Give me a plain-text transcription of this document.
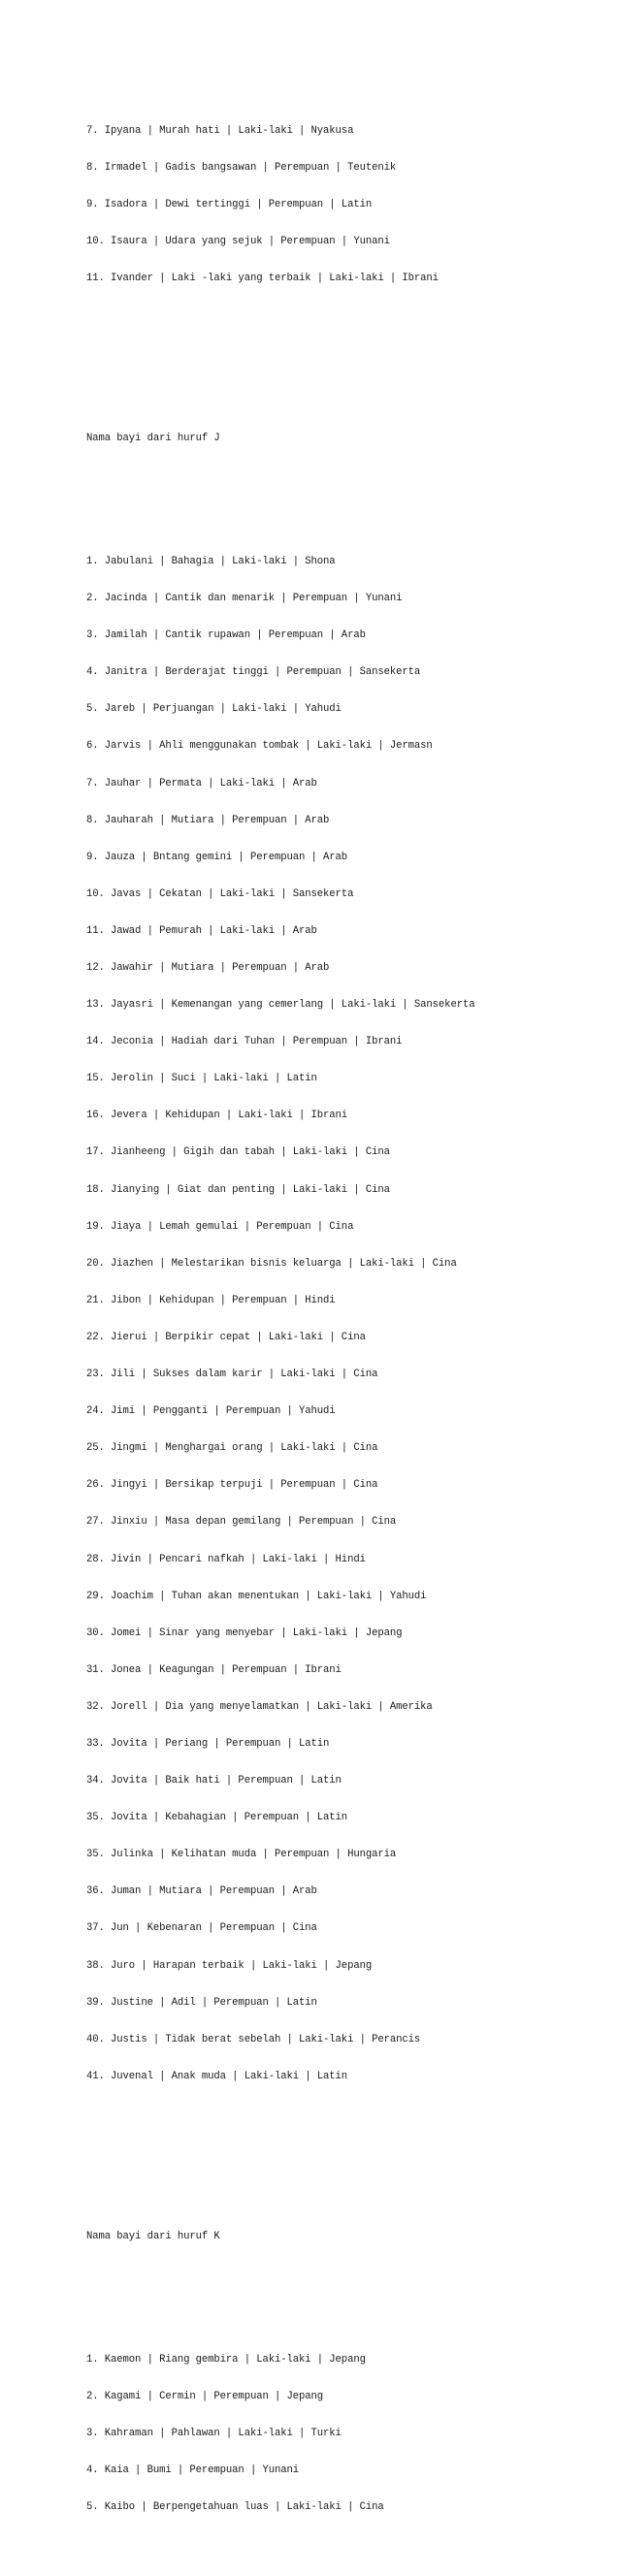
7. Ipyana | Murah hati | Laki-laki | Nyakusa

8. Irmadel | Gadis bangsawan | Perempuan | Teutenik

9. Isadora | Dewi tertinggi | Perempuan | Latin

10. Isaura | Udara yang sejuk | Perempuan | Yunani

11. Ivander | Laki -laki yang terbaik | Laki-laki | Ibrani

Nama bayi dari huruf J

1. Jabulani | Bahagia | Laki-laki | Shona

2. Jacinda | Cantik dan menarik | Perempuan | Yunani

3. Jamilah | Cantik rupawan | Perempuan | Arab

4. Janitra | Berderajat tinggi | Perempuan | Sansekerta

5. Jareb | Perjuangan | Laki-laki | Yahudi

6. Jarvis | Ahli menggunakan tombak | Laki-laki | Jermasn

7. Jauhar | Permata | Laki-laki | Arab

8. Jauharah | Mutiara | Perempuan | Arab

9. Jauza | Bntang gemini | Perempuan | Arab

10. Javas | Cekatan | Laki-laki | Sansekerta

11. Jawad | Pemurah | Laki-laki | Arab

12. Jawahir | Mutiara | Perempuan | Arab

13. Jayasri | Kemenangan yang cemerlang | Laki-laki | Sansekerta

14. Jeconia | Hadiah dari Tuhan | Perempuan | Ibrani

15. Jerolin | Suci | Laki-laki | Latin

16. Jevera | Kehidupan | Laki-laki | Ibrani

17. Jianheeng | Gigih dan tabah | Laki-laki | Cina

18. Jianying | Giat dan penting | Laki-laki | Cina

19. Jiaya | Lemah gemulai | Perempuan | Cina

20. Jiazhen | Melestarikan bisnis keluarga | Laki-laki | Cina

21. Jibon | Kehidupan | Perempuan | Hindi

22. Jierui | Berpikir cepat | Laki-laki | Cina

23. Jili | Sukses dalam karir | Laki-laki | Cina

24. Jimi | Pengganti | Perempuan | Yahudi

25. Jingmi | Menghargai orang | Laki-laki | Cina

26. Jingyi | Bersikap terpuji | Perempuan | Cina

27. Jinxiu | Masa depan gemilang | Perempuan | Cina

28. Jivin | Pencari nafkah | Laki-laki | Hindi

29. Joachim | Tuhan akan menentukan | Laki-laki | Yahudi

30. Jomei | Sinar yang menyebar | Laki-laki | Jepang

31. Jonea | Keagungan | Perempuan | Ibrani

32. Jorell | Dia yang menyelamatkan | Laki-laki | Amerika

33. Jovita | Periang | Perempuan | Latin

34. Jovita | Baik hati | Perempuan | Latin

35. Jovita | Kebahagian | Perempuan | Latin

35. Julinka | Kelihatan muda | Perempuan | Hungaria

36. Juman | Mutiara | Perempuan | Arab

37. Jun | Kebenaran | Perempuan | Cina

38. Juro | Harapan terbaik | Laki-laki | Jepang

39. Justine | Adil | Perempuan | Latin

40. Justis | Tidak berat sebelah | Laki-laki | Perancis

41. Juvenal | Anak muda | Laki-laki | Latin

Nama bayi dari huruf K

1. Kaemon | Riang gembira | Laki-laki | Jepang

2. Kagami | Cermin | Perempuan | Jepang

3. Kahraman | Pahlawan | Laki-laki | Turki

4. Kaia | Bumi | Perempuan | Yunani

5. Kaibo | Berpengetahuan luas | Laki-laki | Cina
